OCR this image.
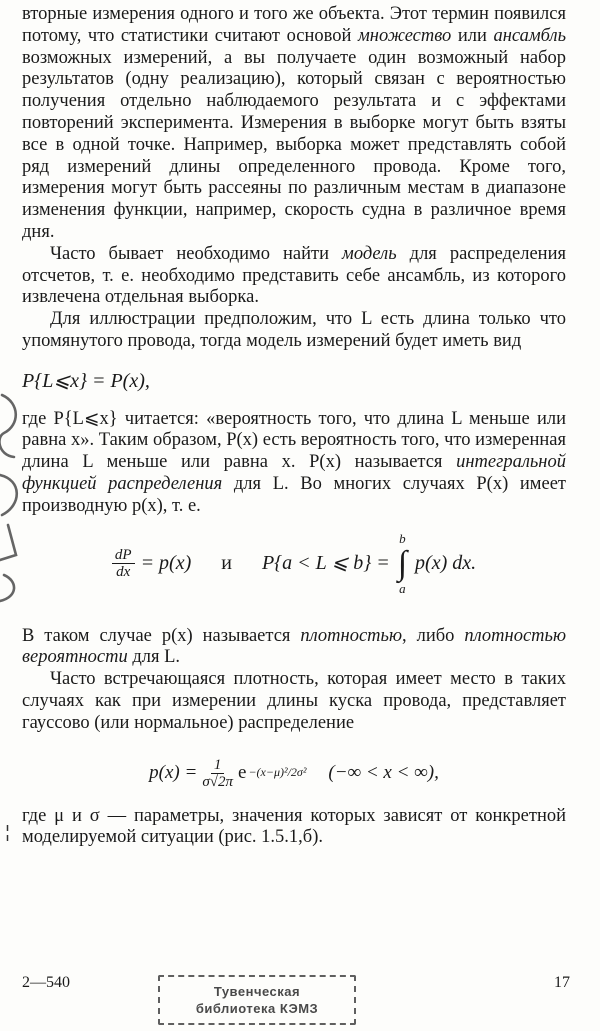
вторные измерения одного и того же объекта. Этот термин появился потому, что статистики считают основой множество или ансамбль возможных измерений, а вы получаете один возможный набор результатов (одну реализацию), который связан с вероятностью получения отдельно наблюдаемого результата и с эффектами повторений эксперимента. Измерения в выборке могут быть взяты все в одной точке. Например, выборка может представлять собой ряд измерений длины определенного провода. Кроме того, измерения могут быть рассеяны по различным местам в диапазоне изменения функции, например, скорость судна в различное время дня.

Часто бывает необходимо найти модель для распределения отсчетов, т. е. необходимо представить себе ансамбль, из которого извлечена отдельная выборка.

Для иллюстрации предположим, что L есть длина только что упомянутого провода, тогда модель измерений будет иметь вид

P{L⩽x} = P(x),

где P{L⩽x} читается: «вероятность того, что длина L меньше или равна x». Таким образом, P(x) есть вероятность того, что измеренная длина L меньше или равна x. P(x) называется интегральной функцией распределения для L. Во многих случаях P(x) имеет производную p(x), т. е.

$\frac{dP}{dx} = p(x)$ и P{a < L ⩽ b} =
b
∫
a
p(x) dx.

В таком случае p(x) называется плотностью, либо плотностью вероятности для L.

Часто встречающаяся плотность, которая имеет место в таких случаях как при измерении длины куска провода, представляет гауссово (или нормальное) распределение

$p(x) = \frac{1}{\sigma√2\pi}$ e −(x−μ)²/2σ² (−∞ < x < ∞),

где μ и σ — параметры, значения которых зависят от конкретной моделируемой ситуации (рис. 1.5.1,б).

2—540	17
Тувенческая
библиотека КЭМЗ
